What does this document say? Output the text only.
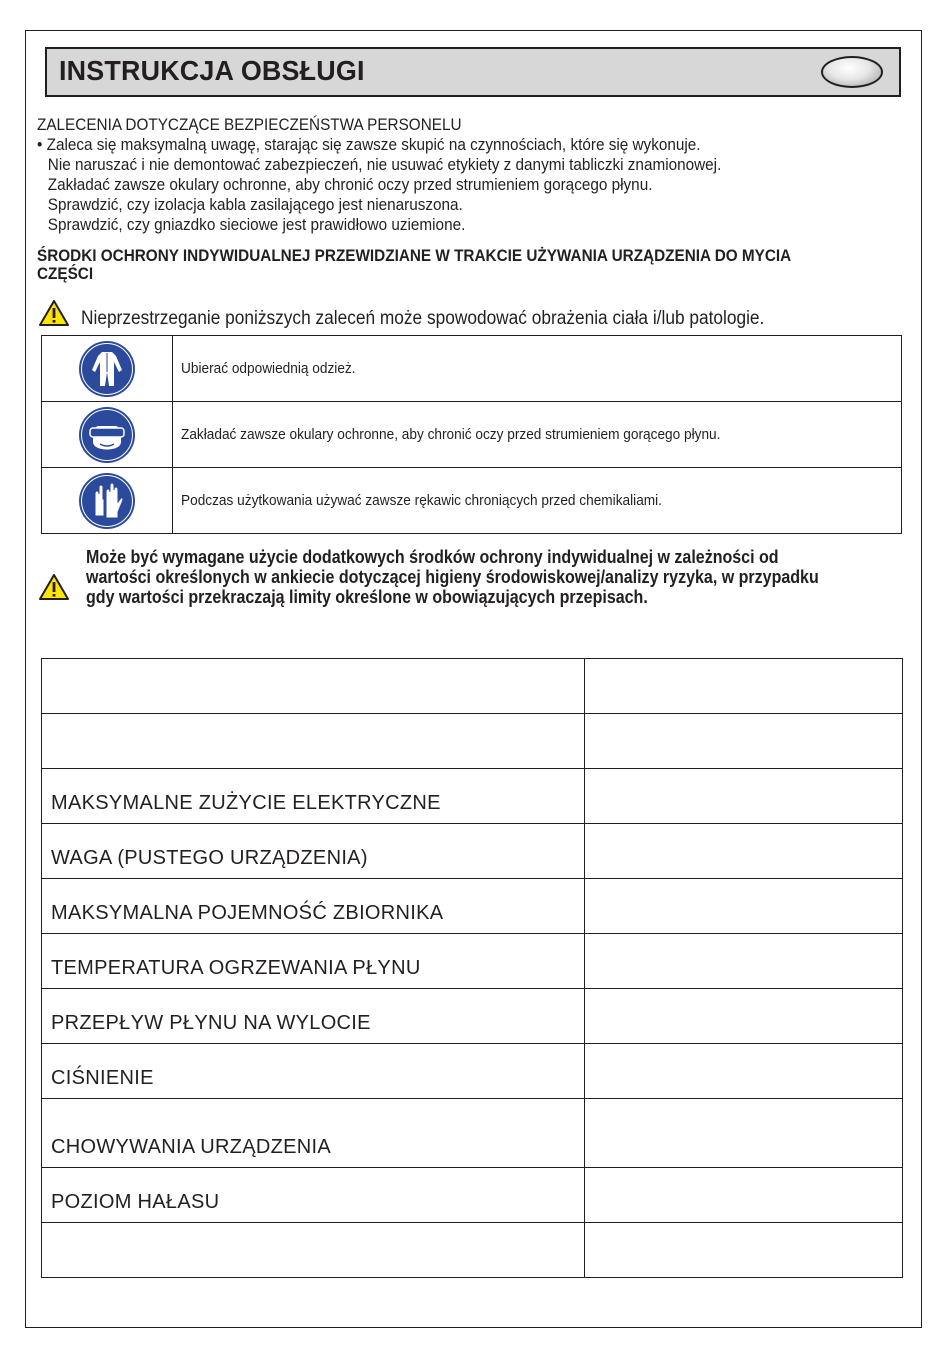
INSTRUKCJA OBSŁUGI
ZALECENIA DOTYCZĄCE BEZPIECZEŃSTWA PERSONELU
• Zaleca się maksymalną uwagę, starając się zawsze skupić na czynnościach, które się wykonuje.
Nie naruszać i nie demontować zabezpieczeń, nie usuwać etykiety z danymi tabliczki znamionowej.
Zakładać zawsze okulary ochronne, aby chronić oczy przed strumieniem gorącego płynu.
Sprawdzić, czy izolacja kabla zasilającego jest nienaruszona.
Sprawdzić, czy gniazdko sieciowe jest prawidłowo uziemione.
ŚRODKI OCHRONY INDYWIDUALNEJ PRZEWIDZIANE W TRAKCIE UŻYWANIA URZĄDZENIA DO MYCIA
CZĘŚCI
Nieprzestrzeganie poniższych zaleceń może spowodować obrażenia ciała i/lub patologie.
	Ubierać odpowiednią odzież.
	Zakładać zawsze okulary ochronne, aby chronić oczy przed strumieniem gorącego płynu.
	Podczas użytkowania używać zawsze rękawic chroniących przed chemikaliami.
Może być wymagane użycie dodatkowych środków ochrony indywidualnej w zależności od
wartości określonych w ankiecie dotyczącej higieny środowiskowej/analizy ryzyka, w przypadku
gdy wartości przekraczają limity określone w obowiązujących przepisach.

MAKSYMALNE ZUŻYCIE ELEKTRYCZNE	
WAGA (PUSTEGO URZĄDZENIA)	
MAKSYMALNA POJEMNOŚĆ ZBIORNIKA	
TEMPERATURA OGRZEWANIA PŁYNU	
PRZEPŁYW PŁYNU NA WYLOCIE	
CIŚNIENIE	
CHOWYWANIA URZĄDZENIA	
POZIOM HAŁASU	
